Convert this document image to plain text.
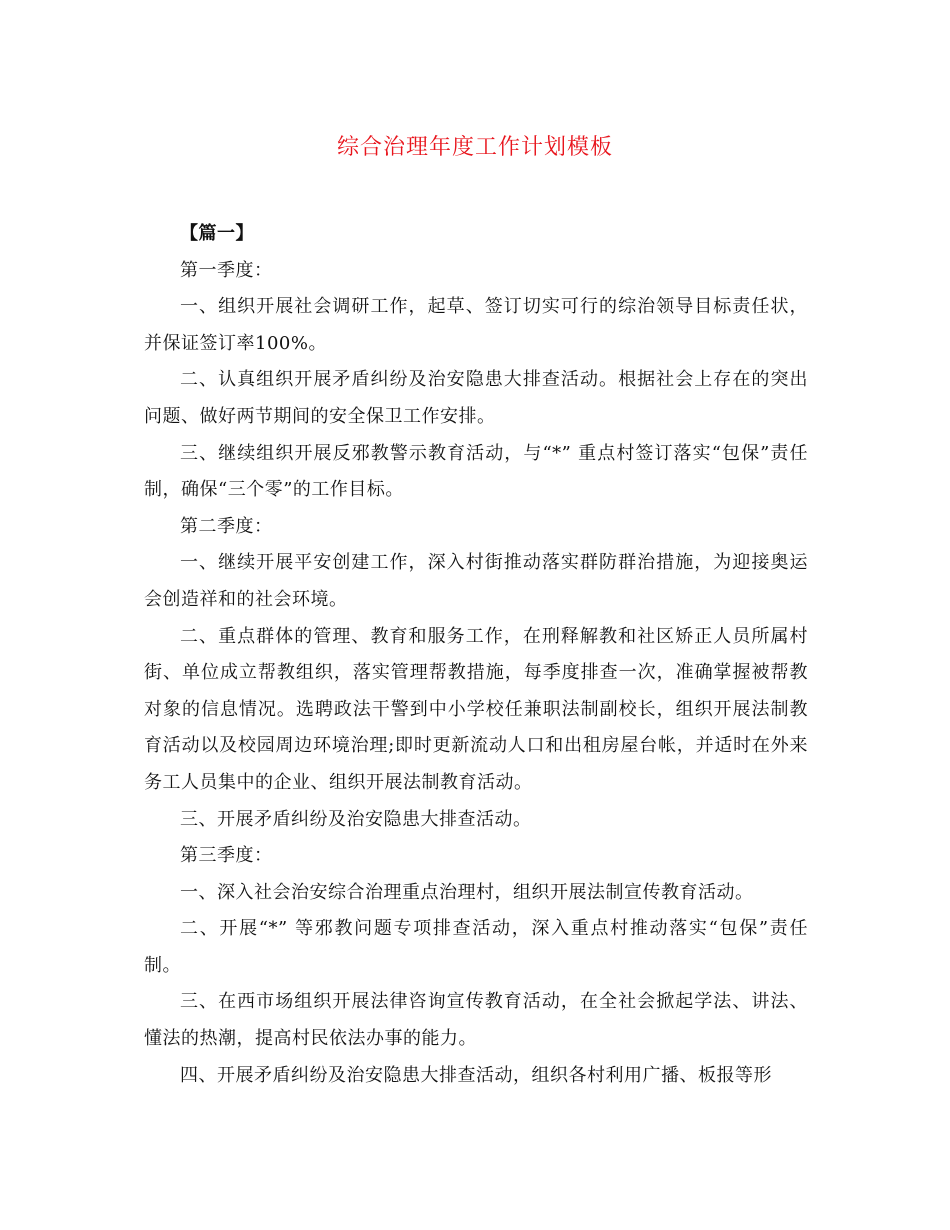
综合治理年度工作计划模板

【篇一】

第一季度：

一、组织开展社会调研工作，起草、签订切实可行的综治领导目标责任状，并保证签订率100%。

二、认真组织开展矛盾纠纷及治安隐患大排查活动。根据社会上存在的突出问题、做好两节期间的安全保卫工作安排。

三、继续组织开展反邪教警示教育活动，与“*” 重点村签订落实“包保”责任制，确保“三个零”的工作目标。

第二季度：

一、继续开展平安创建工作，深入村街推动落实群防群治措施，为迎接奥运会创造祥和的社会环境。

二、重点群体的管理、教育和服务工作，在刑释解教和社区矫正人员所属村街、单位成立帮教组织，落实管理帮教措施，每季度排查一次，准确掌握被帮教对象的信息情况。选聘政法干警到中小学校任兼职法制副校长，组织开展法制教育活动以及校园周边环境治理;即时更新流动人口和出租房屋台帐，并适时在外来务工人员集中的企业、组织开展法制教育活动。

三、开展矛盾纠纷及治安隐患大排查活动。

第三季度：

一、深入社会治安综合治理重点治理村，组织开展法制宣传教育活动。

二、开展“*” 等邪教问题专项排查活动，深入重点村推动落实“包保”责任制。

三、在西市场组织开展法律咨询宣传教育活动，在全社会掀起学法、讲法、懂法的热潮，提高村民依法办事的能力。

四、开展矛盾纠纷及治安隐患大排查活动，组织各村利用广播、板报等形
